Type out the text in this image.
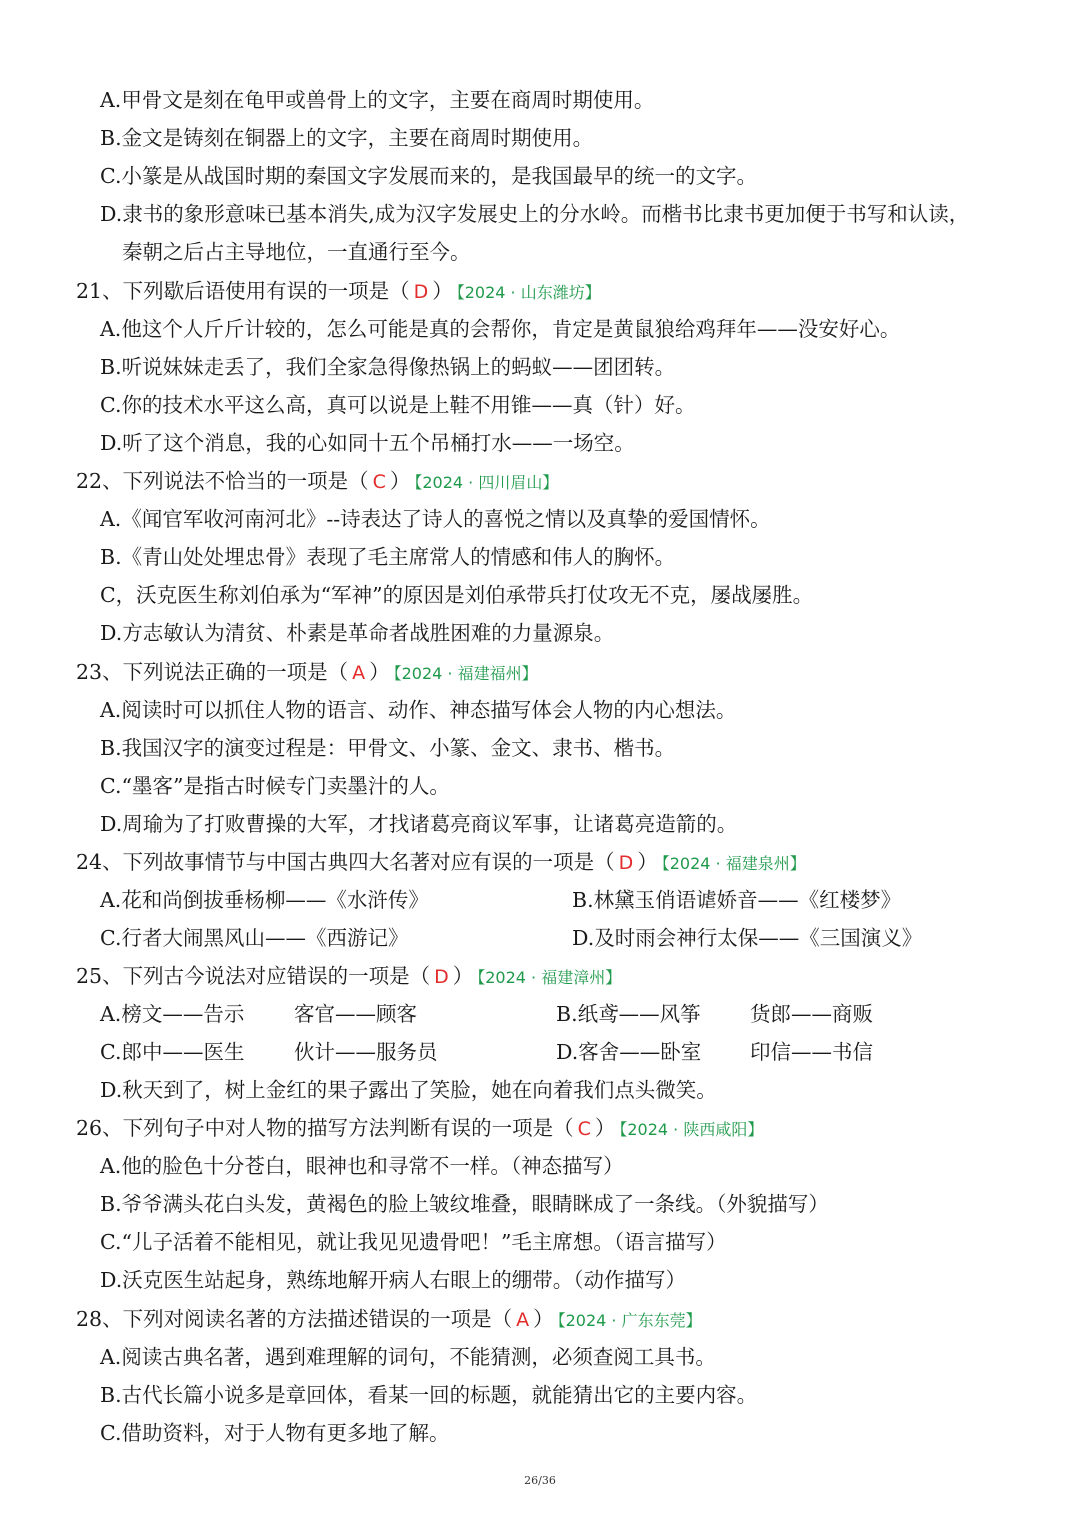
A.甲骨文是刻在龟甲或兽骨上的文字，主要在商周时期使用。
B.金文是铸刻在铜器上的文字，主要在商周时期使用。
C.小篆是从战国时期的秦国文字发展而来的，是我国最早的统一的文字。
D.隶书的象形意味已基本消失,成为汉字发展史上的分水岭。而楷书比隶书更加便于书写和认读，
秦朝之后占主导地位，一直通行至今。
21、下列歇后语使用有误的一项是（ D ） 【2024 · 山东潍坊】
A.他这个人斤斤计较的，怎么可能是真的会帮你，肯定是黄鼠狼给鸡拜年——没安好心。
B.听说妹妹走丢了，我们全家急得像热锅上的蚂蚁——团团转。
C.你的技术水平这么高，真可以说是上鞋不用锥——真（针）好。
D.听了这个消息，我的心如同十五个吊桶打水——一场空。
22、下列说法不恰当的一项是（ C ） 【2024 · 四川眉山】
A.《闻官军收河南河北》--诗表达了诗人的喜悦之情以及真挚的爱国情怀。
B.《青山处处埋忠骨》表现了毛主席常人的情感和伟人的胸怀。
C，沃克医生称刘伯承为“军神”的原因是刘伯承带兵打仗攻无不克，屡战屡胜。
D.方志敏认为清贫、朴素是革命者战胜困难的力量源泉。
23、下列说法正确的一项是（ A ） 【2024 · 福建福州】
A.阅读时可以抓住人物的语言、动作、神态描写体会人物的内心想法。
B.我国汉字的演变过程是：甲骨文、小篆、金文、隶书、楷书。
C.“墨客”是指古时候专门卖墨汁的人。
D.周瑜为了打败曹操的大军，才找诸葛亮商议军事，让诸葛亮造箭的。
24、下列故事情节与中国古典四大名著对应有误的一项是（ D ） 【2024 · 福建泉州】
A.花和尚倒拔垂杨柳——《水浒传》	B.林黛玉俏语谑娇音——《红楼梦》
C.行者大闹黑风山——《西游记》	D.及时雨会神行太保——《三国演义》
25、下列古今说法对应错误的一项是（ D ） 【2024 · 福建漳州】
A.榜文——告示 客官——顾客	B.纸鸢——风筝 货郎——商贩
C.郎中——医生 伙计——服务员	D.客舍——卧室 印信——书信
D.秋天到了，树上金红的果子露出了笑脸，她在向着我们点头微笑。
26、下列句子中对人物的描写方法判断有误的一项是（ C ） 【2024 · 陕西咸阳】
A.他的脸色十分苍白，眼神也和寻常不一样。（神态描写）
B.爷爷满头花白头发，黄褐色的脸上皱纹堆叠，眼睛眯成了一条线。（外貌描写）
C.“儿子活着不能相见，就让我见见遗骨吧！”毛主席想。（语言描写）
D.沃克医生站起身，熟练地解开病人右眼上的绷带。（动作描写）
28、下列对阅读名著的方法描述错误的一项是（ A ） 【2024 · 广东东莞】
A.阅读古典名著，遇到难理解的词句，不能猜测，必须查阅工具书。
B.古代长篇小说多是章回体，看某一回的标题，就能猜出它的主要内容。
C.借助资料，对于人物有更多地了解。
26/36
